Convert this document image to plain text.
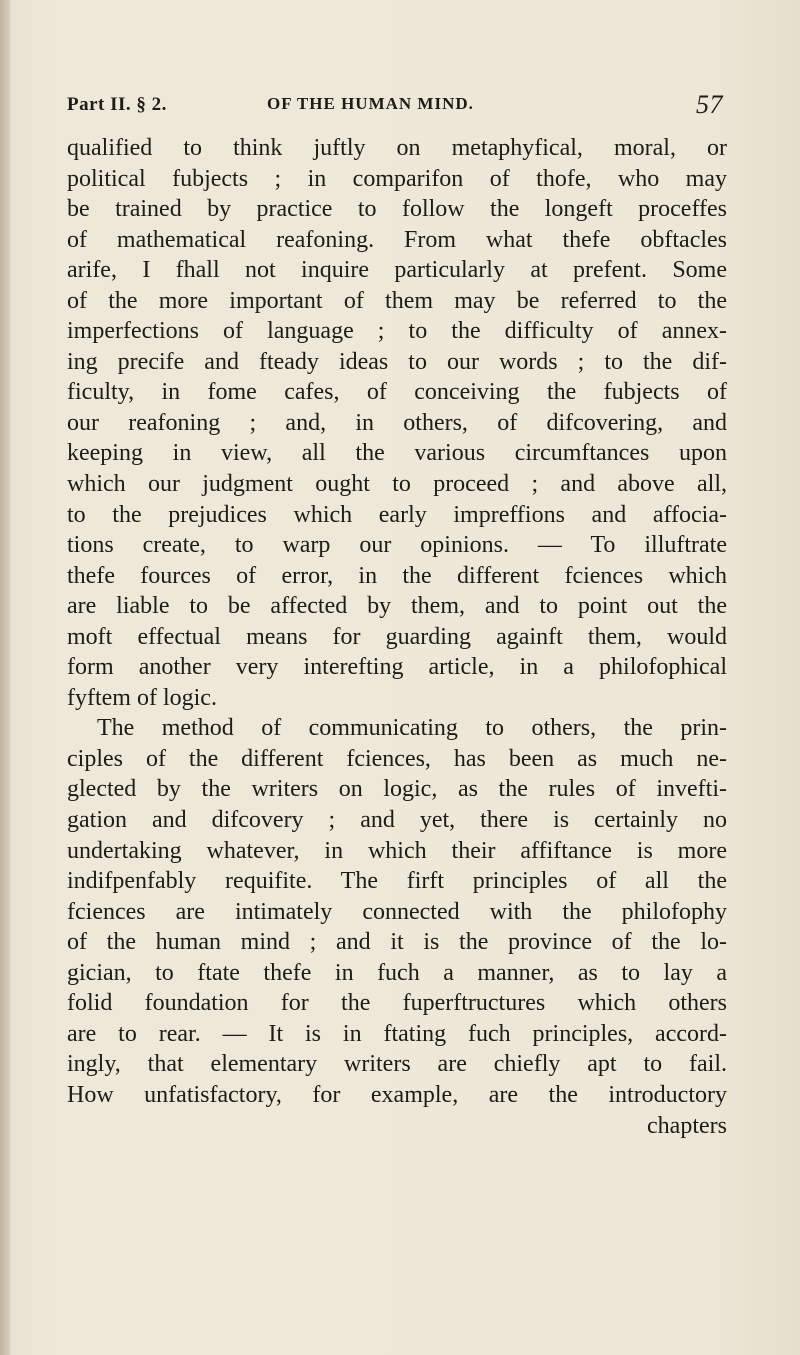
Part II. § 2.	OF THE HUMAN MIND.	57
qualified to think juftly on metaphyfical, moral, or
political fubjects ; in comparifon of thofe, who may
be trained by practice to follow the longeft proceffes
of mathematical reafoning. From what thefe obftacles
arife, I fhall not inquire particularly at prefent. Some
of the more important of them may be referred to the
imperfections of language ; to the difficulty of annex-
ing precife and fteady ideas to our words ; to the dif-
ficulty, in fome cafes, of conceiving the fubjects of
our reafoning ; and, in others, of difcovering, and
keeping in view, all the various circumftances upon
which our judgment ought to proceed ; and above all,
to the prejudices which early impreffions and affocia-
tions create, to warp our opinions. — To illuftrate
thefe fources of error, in the different fciences which
are liable to be affected by them, and to point out the
moft effectual means for guarding againft them, would
form another very interefting article, in a philofophical
fyftem of logic.
The method of communicating to others, the prin-
ciples of the different fciences, has been as much ne-
glected by the writers on logic, as the rules of invefti-
gation and difcovery ; and yet, there is certainly no
undertaking whatever, in which their affiftance is more
indifpenfably requifite. The firft principles of all the
fciences are intimately connected with the philofophy
of the human mind ; and it is the province of the lo-
gician, to ftate thefe in fuch a manner, as to lay a
folid foundation for the fuperftructures which others
are to rear. — It is in ftating fuch principles, accord-
ingly, that elementary writers are chiefly apt to fail.
How unfatisfactory, for example, are the introductory
chapters
